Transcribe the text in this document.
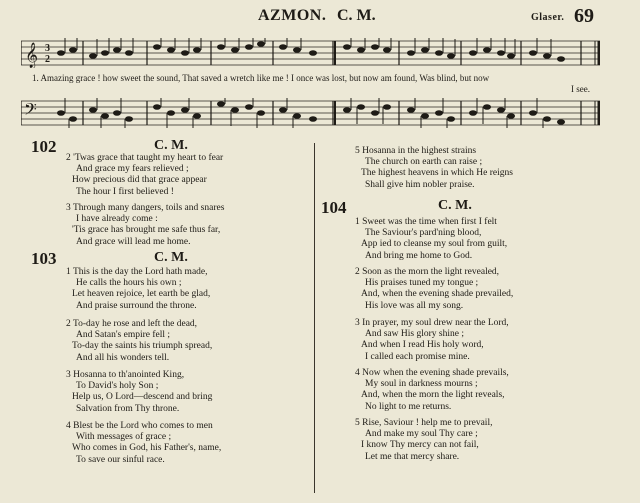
AZMON. C. M.	Glaser. 69
𝄞 3
2
1. Amazing grace ! how sweet the sound, That saved a wretch like me ! I once was lost, but now am found, Was blind, but now
I see.
𝄢
102	C. M.
2 'Twas grace that taught my heart to fear
And grace my fears relieved ;
How precious did that grace appear
The hour I first believed !
3 Through many dangers, toils and snares
I have already come :
'Tis grace has brought me safe thus far,
And grace will lead me home.
103	C. M.
1 This is the day the Lord hath made,
He calls the hours his own ;
Let heaven rejoice, let earth be glad,
And praise surround the throne.
2 To-day he rose and left the dead,
And Satan's empire fell ;
To-day the saints his triumph spread,
And all his wonders tell.
3 Hosanna to th'anointed King,
To David's holy Son ;
Help us, O Lord—descend and bring
Salvation from Thy throne.
4 Blest be the Lord who comes to men
With messages of grace ;
Who comes in God, his Father's, name,
To save our sinful race.
5 Hosanna in the highest strains
The church on earth can raise ;
The highest heavens in which He reigns
Shall give him nobler praise.
104	C. M.
1 Sweet was the time when first I felt
The Saviour's pard'ning blood,
App ied to cleanse my soul from guilt,
And bring me home to God.
2 Soon as the morn the light revealed,
His praises tuned my tongue ;
And, when the evening shade prevailed,
His love was all my song.
3 In prayer, my soul drew near the Lord,
And saw His glory shine ;
And when I read His holy word,
I called each promise mine.
4 Now when the evening shade prevails,
My soul in darkness mourns ;
And, when the morn the light reveals,
No light to me returns.
5 Rise, Saviour ! help me to prevail,
And make my soul Thy care ;
I know Thy mercy can not fail,
Let me that mercy share.
